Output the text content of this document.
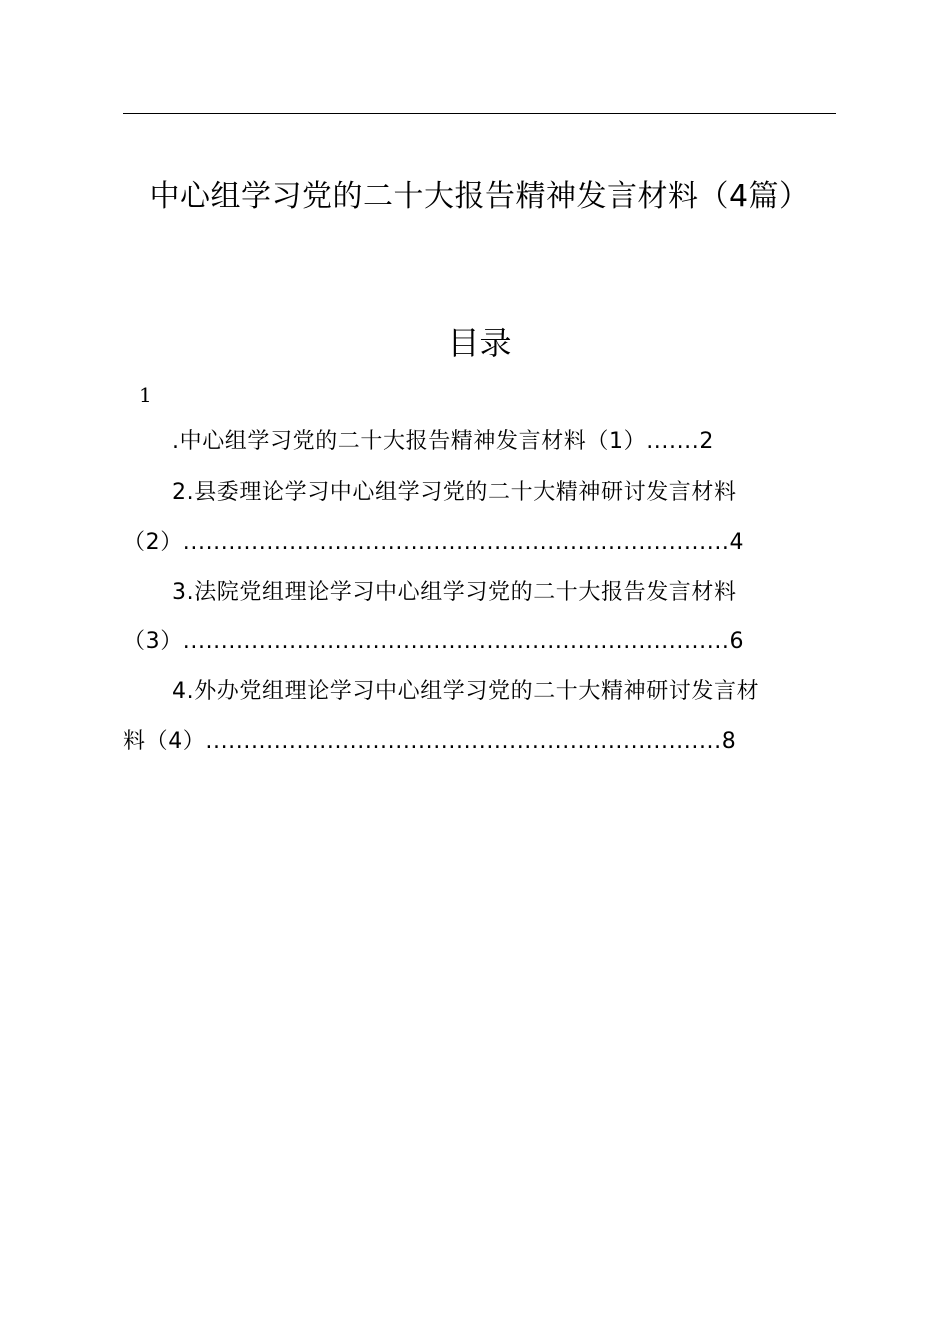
中心组学习党的二十大报告精神发言材料（4篇）
目录
1
.中心组学习党的二十大报告精神发言材料（1）.......2
2.县委理论学习中心组学习党的二十大精神研讨发言材料
（2）........................................................................4
3.法院党组理论学习中心组学习党的二十大报告发言材料
（3）........................................................................6
4.外办党组理论学习中心组学习党的二十大精神研讨发言材
料（4）....................................................................8
